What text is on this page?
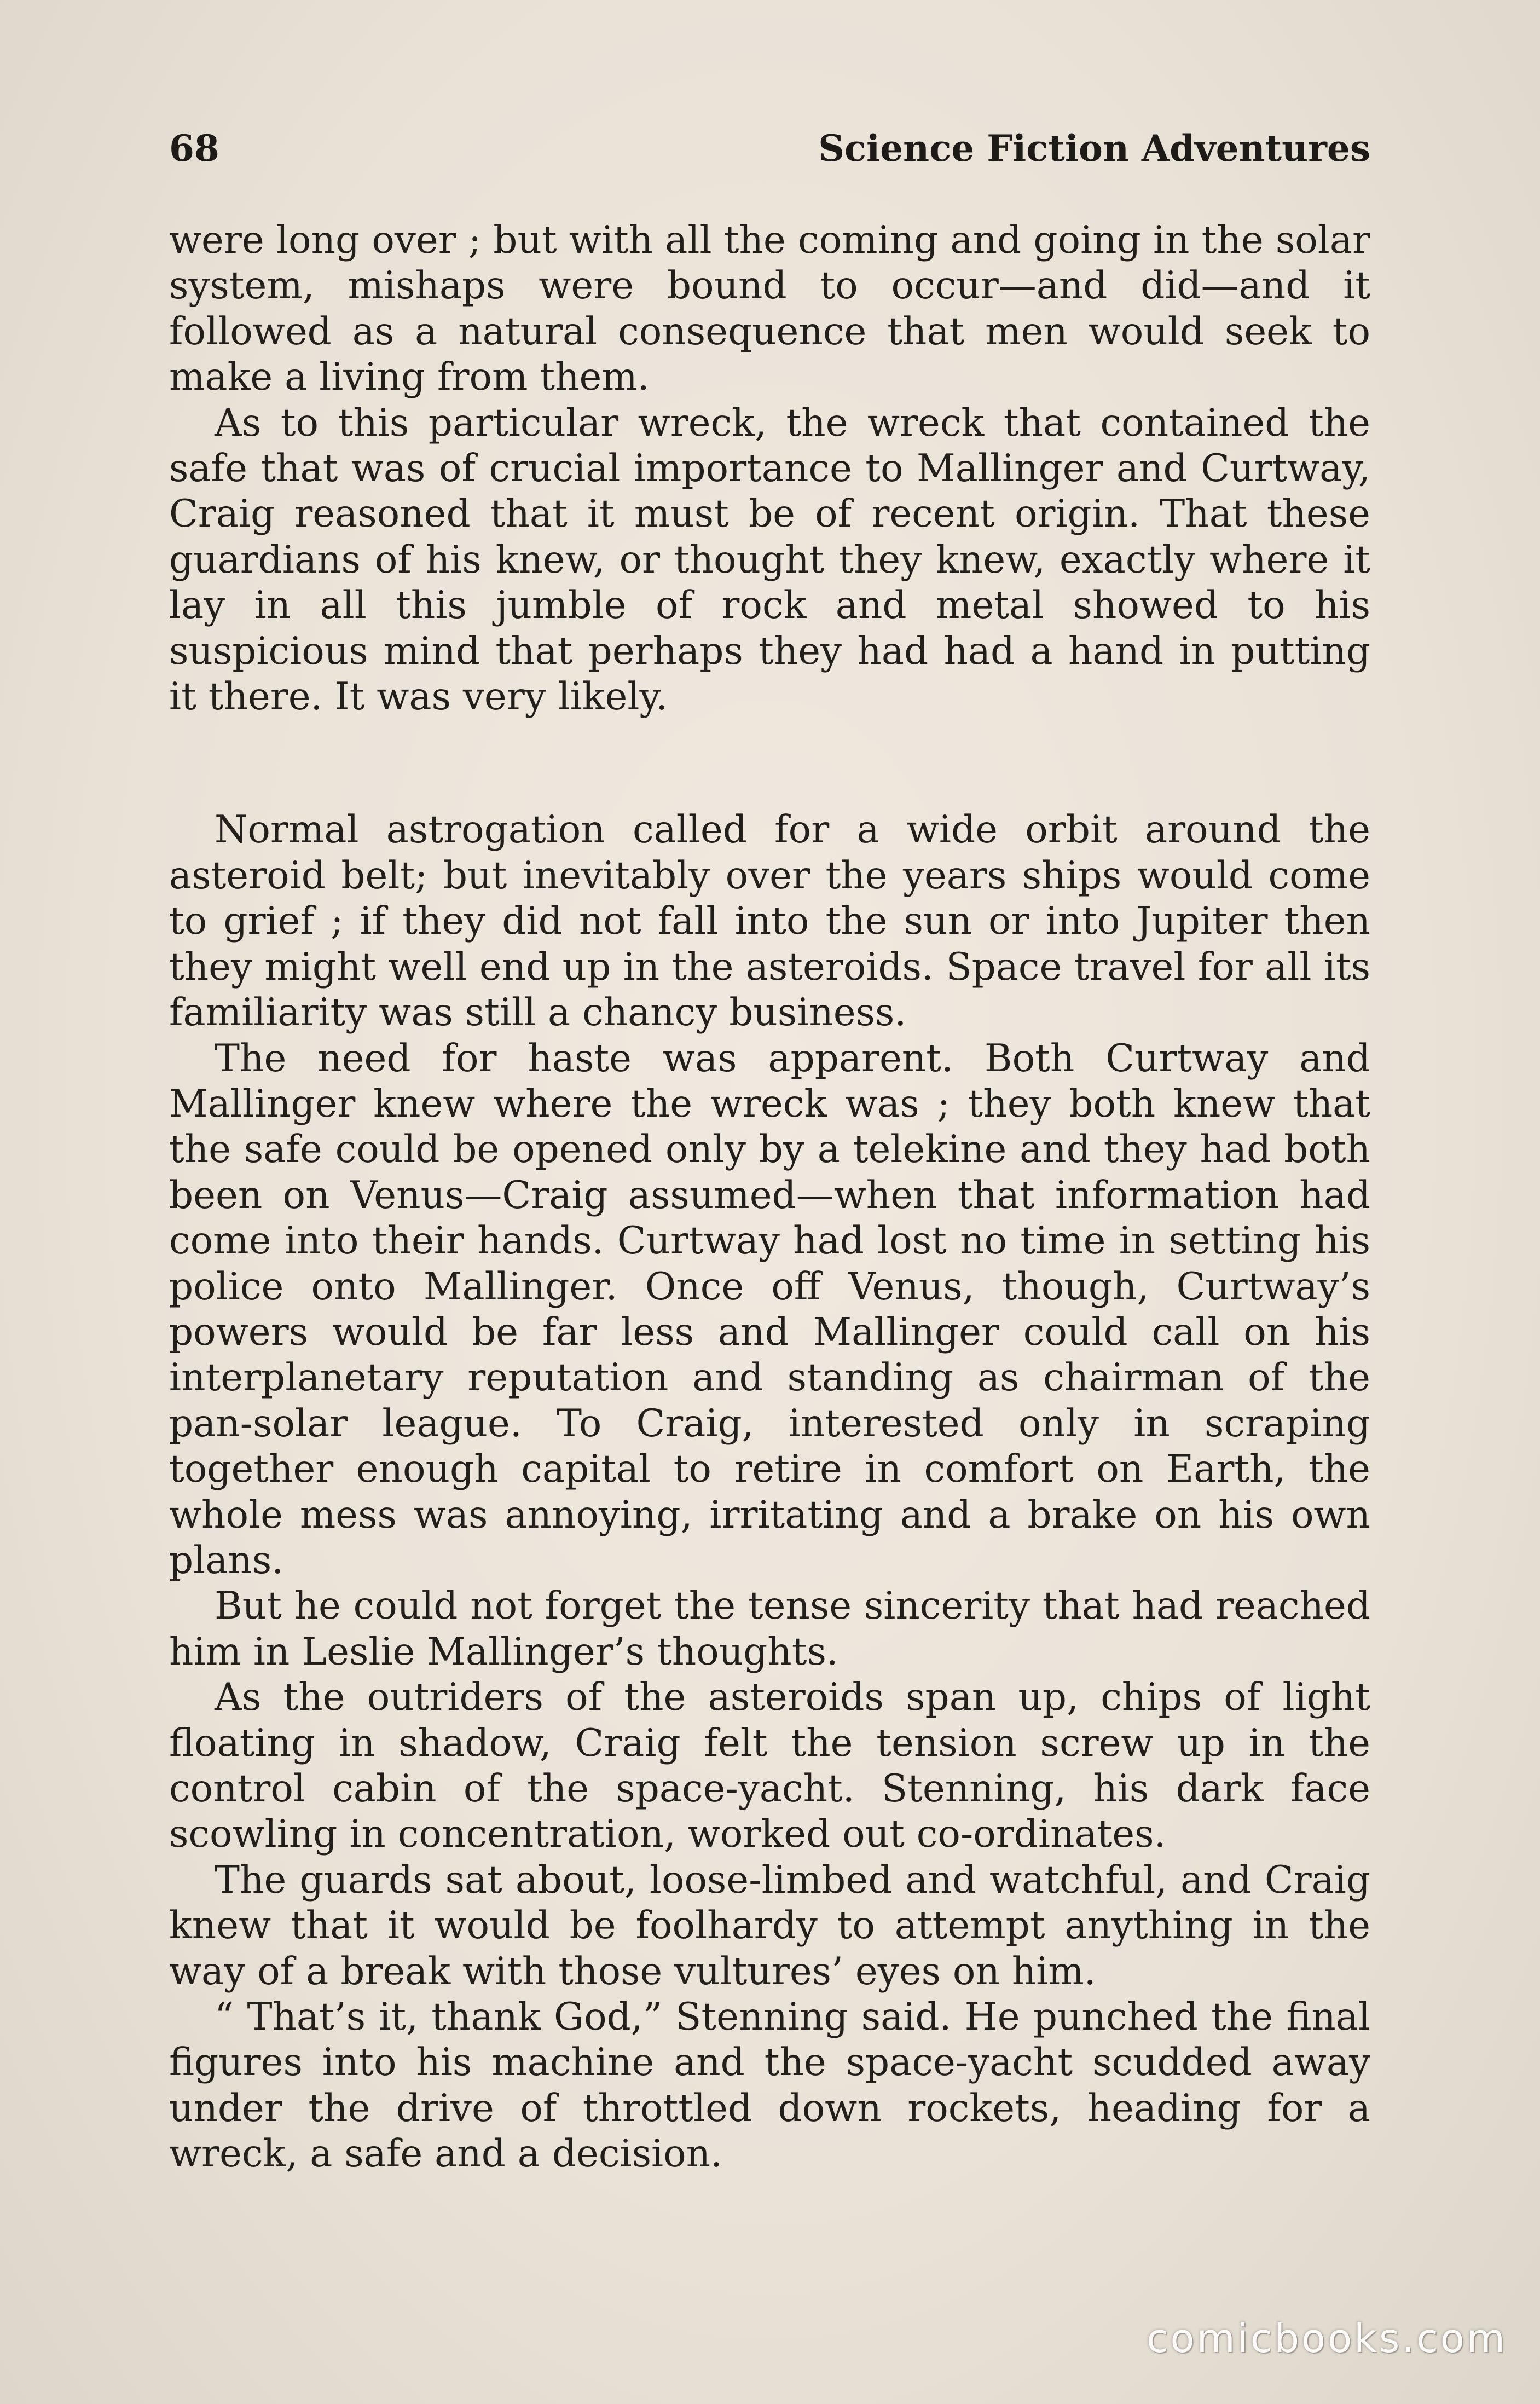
68	Science Fiction Adventures

were long over ; but with all the coming and going in the solar system, mishaps were bound to occur—and did—and it followed as a natural consequence that men would seek to make a living from them.

As to this particular wreck, the wreck that contained the safe that was of crucial importance to Mallinger and Curtway, Craig reasoned that it must be of recent origin. That these guardians of his knew, or thought they knew, exactly where it lay in all this jumble of rock and metal showed to his suspicious mind that perhaps they had had a hand in putting it there. It was very likely.

Normal astrogation called for a wide orbit around the asteroid belt; but inevitably over the years ships would come to grief ; if they did not fall into the sun or into Jupiter then they might well end up in the asteroids. Space travel for all its familiarity was still a chancy business.

The need for haste was apparent. Both Curtway and Mallinger knew where the wreck was ; they both knew that the safe could be opened only by a telekine and they had both been on Venus—Craig assumed—when that information had come into their hands. Curtway had lost no time in setting his police onto Mallinger. Once off Venus, though, Curtway’s powers would be far less and Mallinger could call on his interplanetary reputation and standing as chairman of the pan-solar league. To Craig, interested only in scraping together enough capital to retire in comfort on Earth, the whole mess was annoying, irritating and a brake on his own plans.

But he could not forget the tense sincerity that had reached him in Leslie Mallinger’s thoughts.

As the outriders of the asteroids span up, chips of light floating in shadow, Craig felt the tension screw up in the control cabin of the space-yacht. Stenning, his dark face scowling in concentration, worked out co-ordinates.

The guards sat about, loose-limbed and watchful, and Craig knew that it would be foolhardy to attempt anything in the way of a break with those vultures’ eyes on him.

“ That’s it, thank God,” Stenning said. He punched the final figures into his machine and the space-yacht scudded away under the drive of throttled down rockets, heading for a wreck, a safe and a decision.

comicbooks.com
